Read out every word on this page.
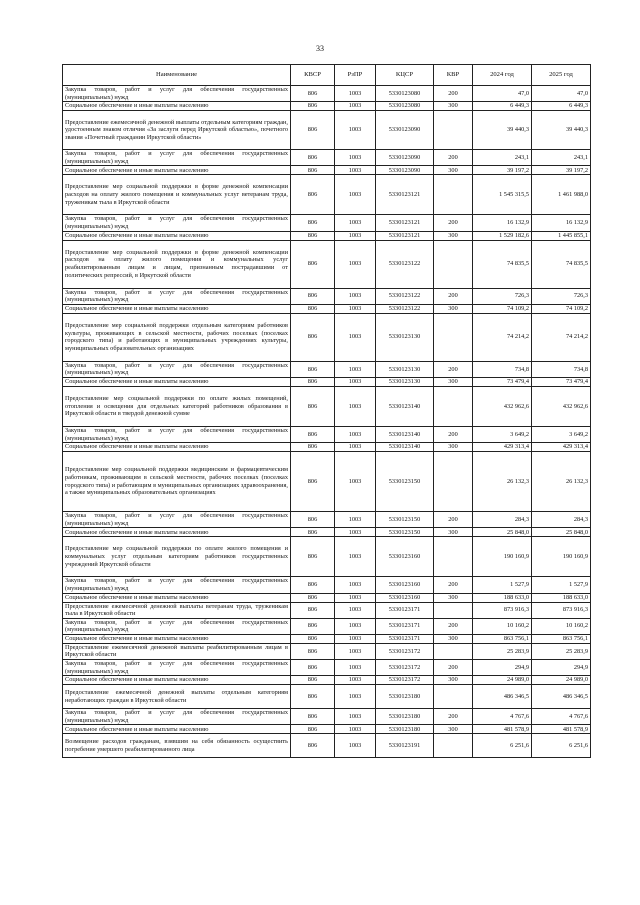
33
Наименование	КВСР	РзПР	КЦСР	КВР	2024 год	2025 год
Закупка товаров, работ и услуг для обеспечения государственных (муниципальных) нужд	806	1003	5330123080	200	47,0	47,0
Социальное обеспечение и иные выплаты населению	806	1003	5330123080	300	6 449,3	6 449,3
Предоставление ежемесячной денежной выплаты отдельным категориям граждан, удостоенным знаком отличия «За заслуги перед Иркутской областью», почетного звания «Почетный гражданин Иркутской области»	806	1003	5330123090		39 440,3	39 440,3
Закупка товаров, работ и услуг для обеспечения государственных (муниципальных) нужд	806	1003	5330123090	200	243,1	243,1
Социальное обеспечение и иные выплаты населению	806	1003	5330123090	300	39 197,2	39 197,2
Предоставление мер социальной поддержки в форме денежной компенсации расходов на оплату жилого помещения и коммунальных услуг ветеранам труда, труженикам тыла в Иркутской области	806	1003	5330123121		1 545 315,5	1 461 988,0
Закупка товаров, работ и услуг для обеспечения государственных (муниципальных) нужд	806	1003	5330123121	200	16 132,9	16 132,9
Социальное обеспечение и иные выплаты населению	806	1003	5330123121	300	1 529 182,6	1 445 855,1
Предоставление мер социальной поддержки в форме денежной компенсации расходов на оплату жилого помещения и коммунальных услуг реабилитированным лицам и лицам, признанным пострадавшими от политических репрессий, в Иркутской области	806	1003	5330123122		74 835,5	74 835,5
Закупка товаров, работ и услуг для обеспечения государственных (муниципальных) нужд	806	1003	5330123122	200	726,3	726,3
Социальное обеспечение и иные выплаты населению	806	1003	5330123122	300	74 109,2	74 109,2
Предоставление мер социальной поддержки отдельным категориям работников культуры, проживающих в сельской местности, рабочих поселках (поселках городского типа) и работающих в муниципальных учреждениях культуры, муниципальных образовательных организациях	806	1003	5330123130		74 214,2	74 214,2
Закупка товаров, работ и услуг для обеспечения государственных (муниципальных) нужд	806	1003	5330123130	200	734,8	734,8
Социальное обеспечение и иные выплаты населению	806	1003	5330123130	300	73 479,4	73 479,4
Предоставление мер социальной поддержки по оплате жилых помещений, отопления и освещения для отдельных категорий работников образования в Иркутской области в твердой денежной сумме	806	1003	5330123140		432 962,6	432 962,6
Закупка товаров, работ и услуг для обеспечения государственных (муниципальных) нужд	806	1003	5330123140	200	3 649,2	3 649,2
Социальное обеспечение и иные выплаты населению	806	1003	5330123140	300	429 313,4	429 313,4
Предоставление мер социальной поддержки медицинским и фармацевтическим работникам, проживающим в сельской местности, рабочих поселках (поселках городского типа) и работающим в муниципальных организациях здравоохранения, а также муниципальных образовательных организациях	806	1003	5330123150		26 132,3	26 132,3
Закупка товаров, работ и услуг для обеспечения государственных (муниципальных) нужд	806	1003	5330123150	200	284,3	284,3
Социальное обеспечение и иные выплаты населению	806	1003	5330123150	300	25 848,0	25 848,0
Предоставление мер социальной поддержки по оплате жилого помещения и коммунальных услуг отдельным категориям работников государственных учреждений Иркутской области	806	1003	5330123160		190 160,9	190 160,9
Закупка товаров, работ и услуг для обеспечения государственных (муниципальных) нужд	806	1003	5330123160	200	1 527,9	1 527,9
Социальное обеспечение и иные выплаты населению	806	1003	5330123160	300	188 633,0	188 633,0
Предоставление ежемесячной денежной выплаты ветеранам труда, труженикам тыла в Иркутской области	806	1003	5330123171		873 916,3	873 916,3
Закупка товаров, работ и услуг для обеспечения государственных (муниципальных) нужд	806	1003	5330123171	200	10 160,2	10 160,2
Социальное обеспечение и иные выплаты населению	806	1003	5330123171	300	863 756,1	863 756,1
Предоставление ежемесячной денежной выплаты реабилитированным лицам в Иркутской области	806	1003	5330123172		25 283,9	25 283,9
Закупка товаров, работ и услуг для обеспечения государственных (муниципальных) нужд	806	1003	5330123172	200	294,9	294,9
Социальное обеспечение и иные выплаты населению	806	1003	5330123172	300	24 989,0	24 989,0
Предоставление ежемесячной денежной выплаты отдельным категориям неработающих граждан в Иркутской области	806	1003	5330123180		486 346,5	486 346,5
Закупка товаров, работ и услуг для обеспечения государственных (муниципальных) нужд	806	1003	5330123180	200	4 767,6	4 767,6
Социальное обеспечение и иные выплаты населению	806	1003	5330123180	300	481 578,9	481 578,9
Возмещение расходов гражданам, взявшим на себя обязанность осуществить погребение умершего реабилитированного лица	806	1003	5330123191		6 251,6	6 251,6
